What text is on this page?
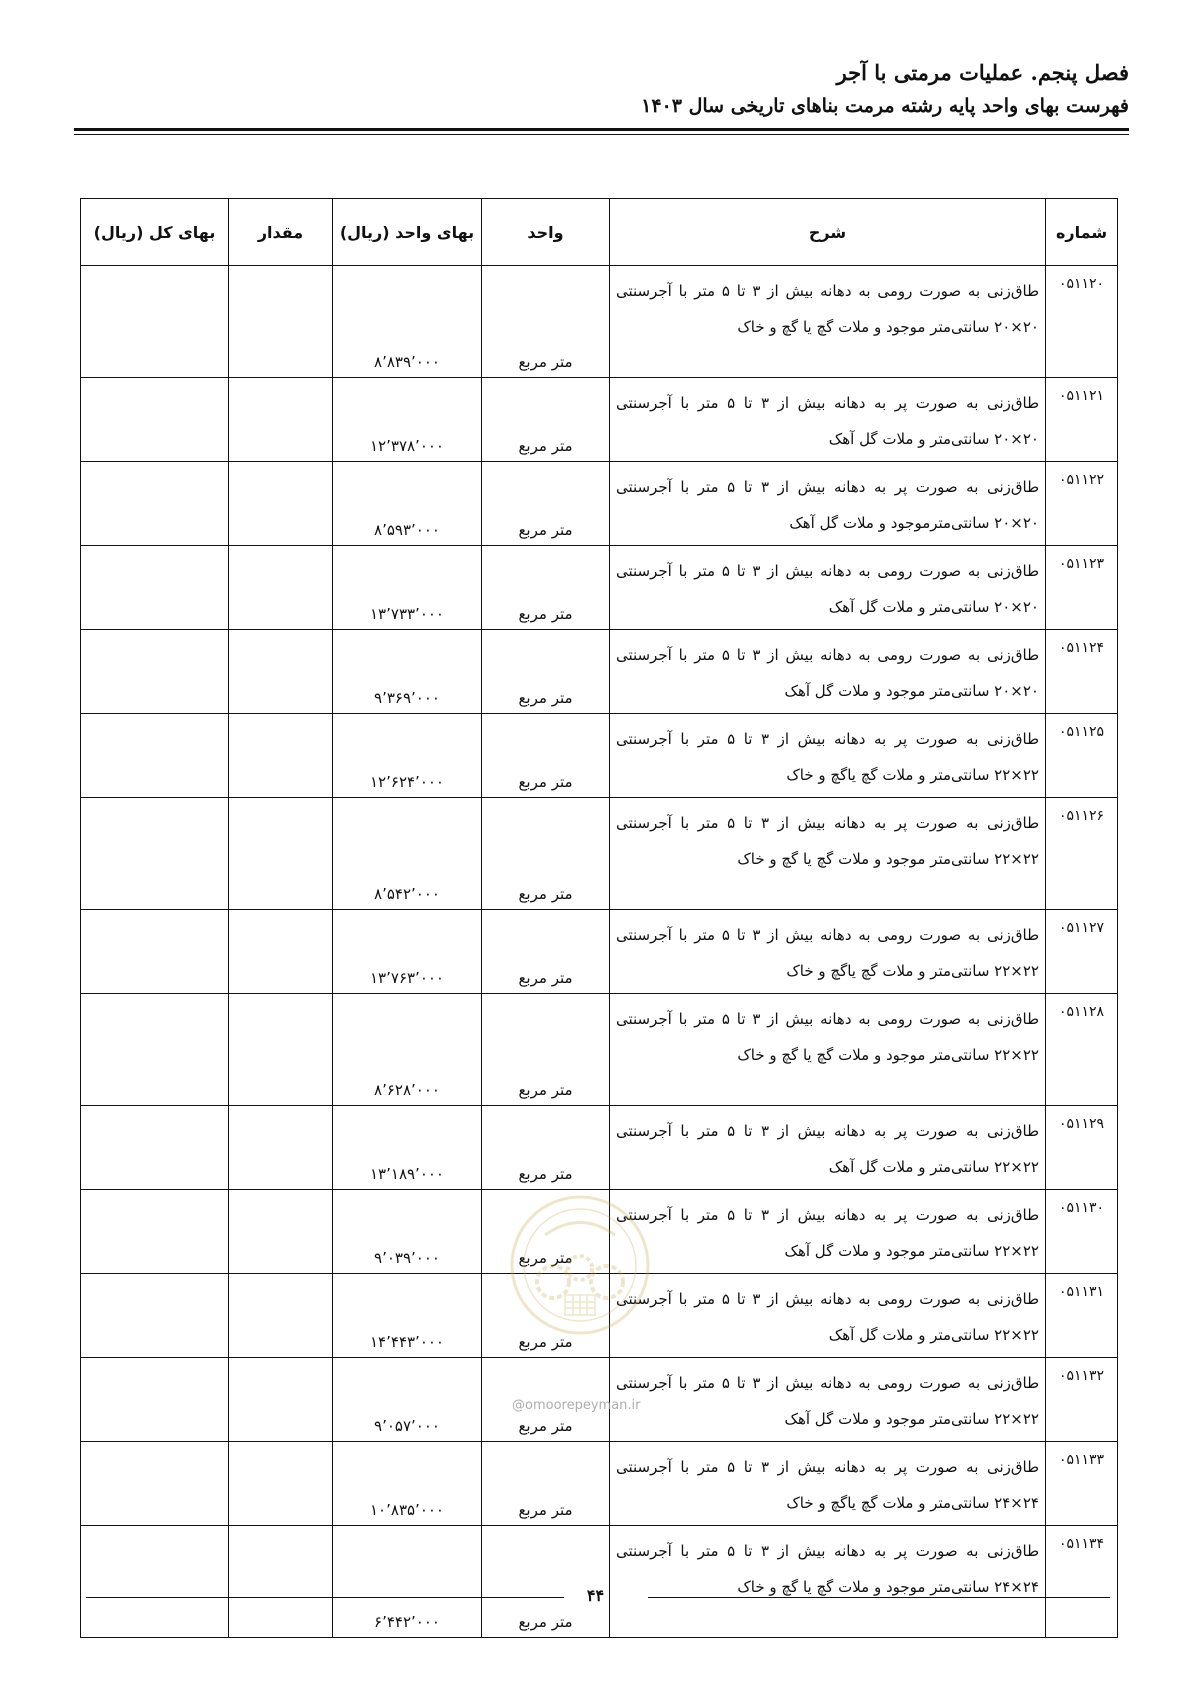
فصل پنجم. عملیات مرمتی با آجر
فهرست بهای واحد پایه رشته مرمت بناهای تاریخی سال ۱۴۰۳
شماره	شرح	واحد	بهای واحد (ریال)	مقدار	بهای کل (ریال)
۰۵۱۱۲۰	طاق‌زنی به صورت رومی به دهانه بیش از ۳ تا ۵ متر با آجرسنتی ۲۰×۲۰ سانتی‌متر موجود و ملات گچ یا گچ و خاک	متر مربع	۸٬۸۳۹٬۰۰۰		
۰۵۱۱۲۱	طاق‌زنی به صورت پر به دهانه بیش از ۳ تا ۵ متر با آجرسنتی ۲۰×۲۰ سانتی‌متر و ملات گل آهک	متر مربع	۱۲٬۳۷۸٬۰۰۰		
۰۵۱۱۲۲	طاق‌زنی به صورت پر به دهانه بیش از ۳ تا ۵ متر با آجرسنتی ۲۰×۲۰ سانتی‌مترموجود و ملات گل آهک	متر مربع	۸٬۵۹۳٬۰۰۰		
۰۵۱۱۲۳	طاق‌زنی به صورت رومی به دهانه بیش از ۳ تا ۵ متر با آجرسنتی ۲۰×۲۰ سانتی‌متر و ملات گل آهک	متر مربع	۱۳٬۷۳۳٬۰۰۰		
۰۵۱۱۲۴	طاق‌زنی به صورت رومی به دهانه بیش از ۳ تا ۵ متر با آجرسنتی ۲۰×۲۰ سانتی‌متر موجود و ملات گل آهک	متر مربع	۹٬۳۶۹٬۰۰۰		
۰۵۱۱۲۵	طاق‌زنی به صورت پر به دهانه بیش از ۳ تا ۵ متر با آجرسنتی ۲۲×۲۲ سانتی‌متر و ملات گچ یاگچ و خاک	متر مربع	۱۲٬۶۲۴٬۰۰۰		
۰۵۱۱۲۶	طاق‌زنی به صورت پر به دهانه بیش از ۳ تا ۵ متر با آجرسنتی ۲۲×۲۲ سانتی‌متر موجود و ملات گچ یا گچ و خاک	متر مربع	۸٬۵۴۲٬۰۰۰		
۰۵۱۱۲۷	طاق‌زنی به صورت رومی به دهانه بیش از ۳ تا ۵ متر با آجرسنتی ۲۲×۲۲ سانتی‌متر و ملات گچ یاگچ و خاک	متر مربع	۱۳٬۷۶۳٬۰۰۰		
۰۵۱۱۲۸	طاق‌زنی به صورت رومی به دهانه بیش از ۳ تا ۵ متر با آجرسنتی ۲۲×۲۲ سانتی‌متر موجود و ملات گچ یا گچ و خاک	متر مربع	۸٬۶۲۸٬۰۰۰		
۰۵۱۱۲۹	طاق‌زنی به صورت پر به دهانه بیش از ۳ تا ۵ متر با آجرسنتی ۲۲×۲۲ سانتی‌متر و ملات گل آهک	متر مربع	۱۳٬۱۸۹٬۰۰۰		
۰۵۱۱۳۰	طاق‌زنی به صورت پر به دهانه بیش از ۳ تا ۵ متر با آجرسنتی ۲۲×۲۲ سانتی‌متر موجود و ملات گل آهک	متر مربع	۹٬۰۳۹٬۰۰۰		
۰۵۱۱۳۱	طاق‌زنی به صورت رومی به دهانه بیش از ۳ تا ۵ متر با آجرسنتی ۲۲×۲۲ سانتی‌متر و ملات گل آهک	متر مربع	۱۴٬۴۴۳٬۰۰۰		
۰۵۱۱۳۲	طاق‌زنی به صورت رومی به دهانه بیش از ۳ تا ۵ متر با آجرسنتی ۲۲×۲۲ سانتی‌متر موجود و ملات گل آهک	متر مربع	۹٬۰۵۷٬۰۰۰		
۰۵۱۱۳۳	طاق‌زنی به صورت پر به دهانه بیش از ۳ تا ۵ متر با آجرسنتی ۲۴×۲۴ سانتی‌متر و ملات گچ یاگچ و خاک	متر مربع	۱۰٬۸۳۵٬۰۰۰		
۰۵۱۱۳۴	طاق‌زنی به صورت پر به دهانه بیش از ۳ تا ۵ متر با آجرسنتی ۲۴×۲۴ سانتی‌متر موجود و ملات گچ یا گچ و خاک	متر مربع	۶٬۴۴۲٬۰۰۰		
@omoorepeyman.ir
۴۴
